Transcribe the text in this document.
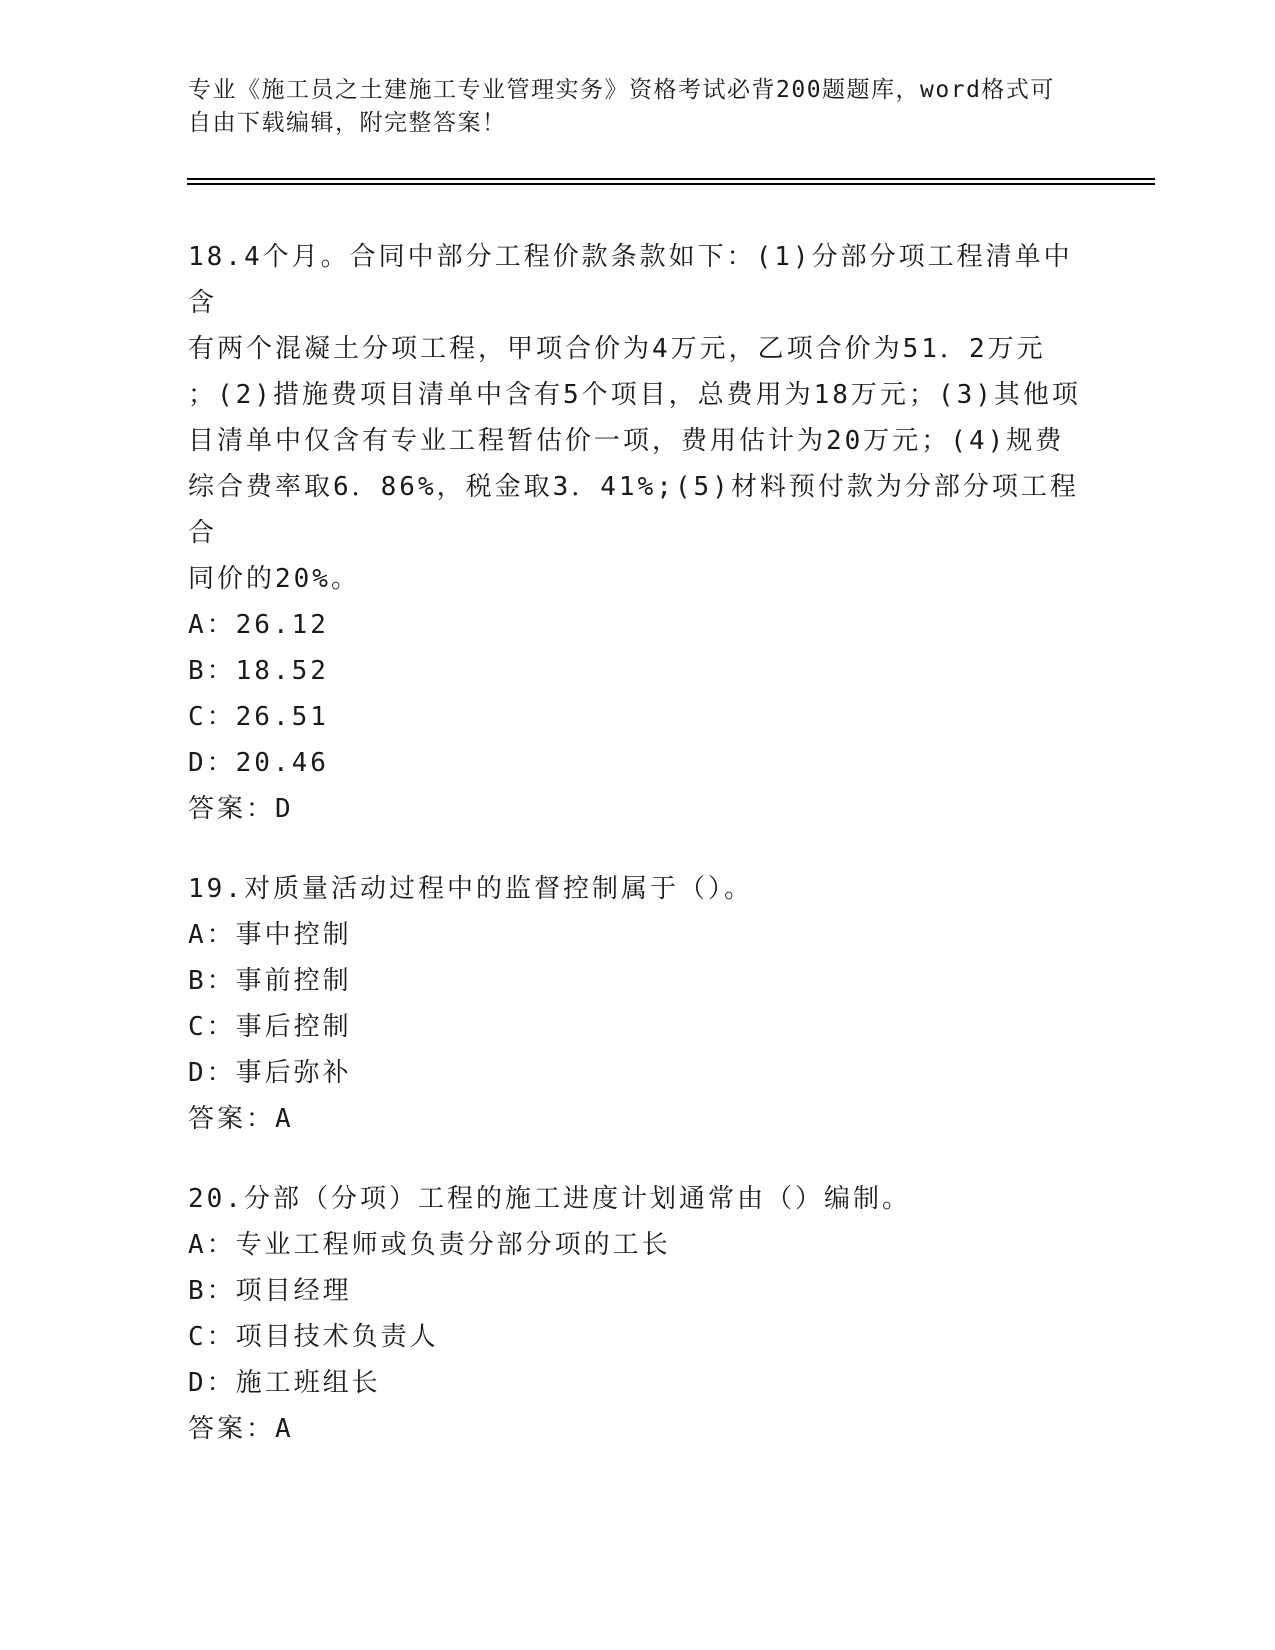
专业《施工员之土建施工专业管理实务》资格考试必背200题题库，word格式可
自由下载编辑，附完整答案！
18.4个月。合同中部分工程价款条款如下：(1)分部分项工程清单中含
有两个混凝土分项工程，甲项合价为4万元，乙项合价为51．2万元
；(2)措施费项目清单中含有5个项目，总费用为18万元；(3)其他项
目清单中仅含有专业工程暂估价一项，费用估计为20万元；(4)规费
综合费率取6．86%，税金取3．41%;(5)材料预付款为分部分项工程合
同价的20%。
A：26.12
B：18.52
C：26.51
D：20.46
答案：D
19.对质量活动过程中的监督控制属于（）。
A：事中控制
B：事前控制
C：事后控制
D：事后弥补
答案：A
20.分部（分项）工程的施工进度计划通常由（）编制。
A：专业工程师或负责分部分项的工长
B：项目经理
C：项目技术负责人
D：施工班组长
答案：A
